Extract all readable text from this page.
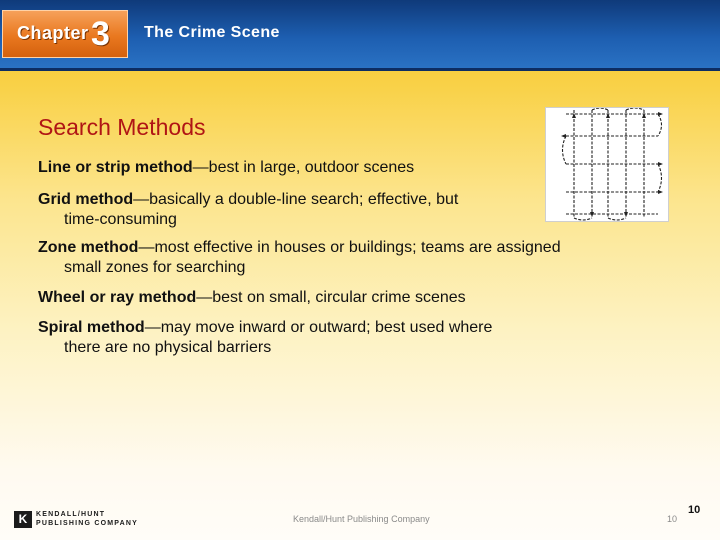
Chapter 3 The Crime Scene
Search Methods
Line or strip method—best in large, outdoor scenes
Grid method—basically a double-line search; effective, but
time-consuming
Zone method—most effective in houses or buildings; teams are assigned
small zones for searching
Wheel or ray method—best on small, circular crime scenes
Spiral method—may move inward or outward; best used where
there are no physical barriers
K	KENDALL/HUNT
PUBLISHING COMPANY	Kendall/Hunt Publishing Company	10
10
